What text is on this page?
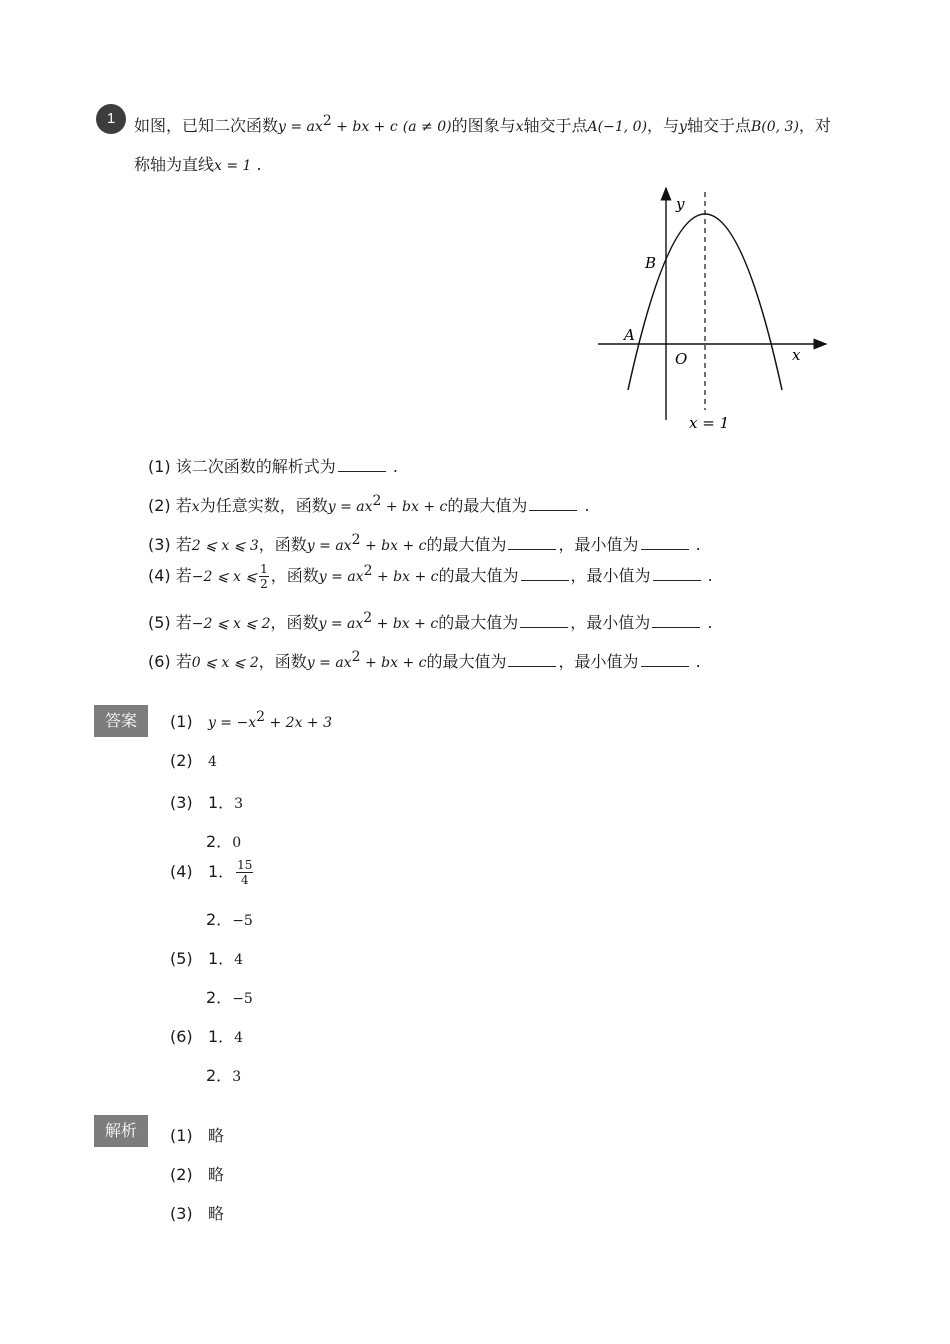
1	如图，已知二次函数$y = ax^2$ + bx + c (a ≠ 0)的图象与x轴交于点A(−1, 0)，与y轴交于点B(0, 3)，对
称轴为直线x = 1 .
y
x
O
A
B
x = 1
(1) 该二次函数的解析式为	.
(2) 若x为任意实数，函数$y = ax^2$ + bx + c的最大值为	.
(3) 若2 ⩽ x ⩽ 3，函数$y = ax^2$ + bx + c的最大值为	，最小值为	.
(4) 若−2 ⩽ x ⩽ $\frac{1}{2}$ ，函数$y = ax^2$ + bx + c的最大值为	，最小值为	.
(5) 若−2 ⩽ x ⩽ 2，函数$y = ax^2$ + bx + c的最大值为	，最小值为	.
(6) 若0 ⩽ x ⩽ 2，函数$y = ax^2$ + bx + c的最大值为	，最小值为	.
答案	(1) $y = -x^2 + 2x + 3$
(2) 4
(3) 1．3
2．0
(4) 1． $\frac{15}{4}$
2．−5
(5) 1．4
2．−5
(6) 1．4
2．3
解析	(1) 略
(2) 略
(3) 略
